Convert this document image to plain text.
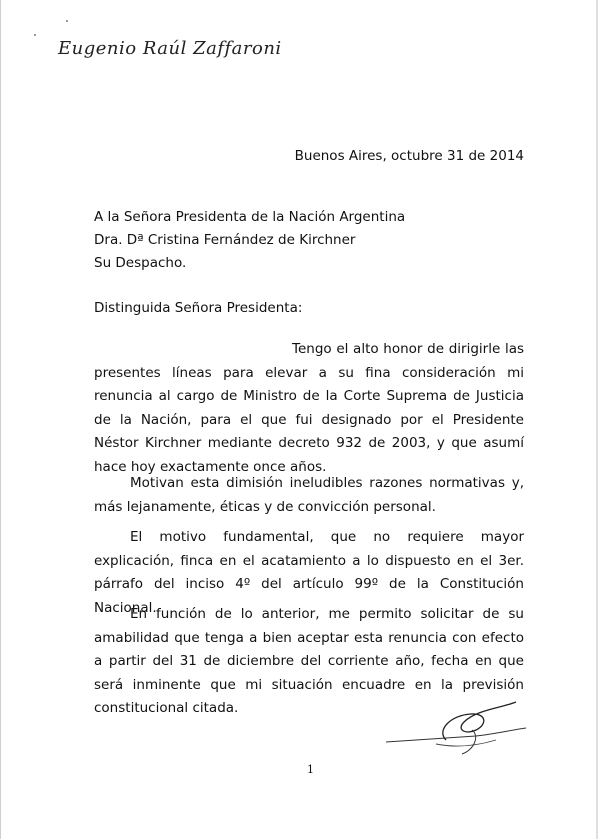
Eugenio Raúl Zaffaroni
Buenos Aires, octubre 31 de 2014
A la Señora Presidenta de la Nación Argentina
Dra. Dª Cristina Fernández de Kirchner
Su Despacho.
Distinguida Señora Presidenta:
Tengo el alto honor de dirigirle las presentes líneas para elevar a su fina consideración mi renuncia al cargo de Ministro de la Corte Suprema de Justicia de la Nación, para el que fui designado por el Presidente Néstor Kirchner mediante decreto 932 de 2003, y que asumí hace hoy exactamente once años.
Motivan esta dimisión ineludibles razones normativas y, más lejanamente, éticas y de convicción personal.
El motivo fundamental, que no requiere mayor explicación, finca en el acatamiento a lo dispuesto en el 3er. párrafo del inciso 4º del artículo 99º de la Constitución Nacional.
En función de lo anterior, me permito solicitar de su amabilidad que tenga a bien aceptar esta renuncia con efecto a partir del 31 de diciembre del corriente año, fecha en que será inminente que mi situación encuadre en la previsión constitucional citada.
1
